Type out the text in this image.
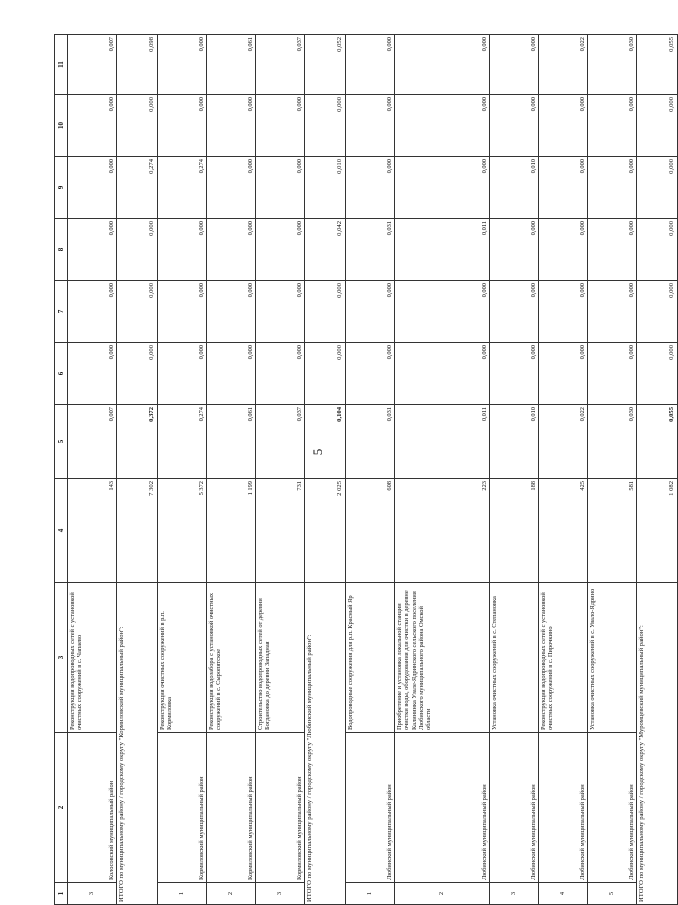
5
1	2	3	4	5	6	7	8	9	10	11
3	Колосовский муниципальный район	Реконструкция водопроводных сетей с установкой очистных сооружений в с. Чапаево	143	0,007	0,000	0,000	0,000	0,000	0,000	0,007
ИТОГО по муниципальному району / городскому округу "Кормиловский муниципальный район":			7 302	0,372	0,000	0,000	0,000	0,274	0,000	0,098
1	Кормиловский муниципальный район	Реконструкция очистных сооружений в р.п. Кормиловка	5 372	0,274	0,000	0,000	0,000	0,274	0,000	0,000
2	Кормиловский муниципальный район	Реконструкция водозабора с установкой очистных сооружений в с. Сыропятское	1 199	0,061	0,000	0,000	0,000	0,000	0,000	0,061
3	Кормиловский муниципальный район	Строительство водопроводных сетей от деревни Богдановка до деревни Западная	731	0,037	0,000	0,000	0,000	0,000	0,000	0,037
ИТОГО по муниципальному району / городскому округу "Любинский муниципальный район":			2 025	0,104	0,000	0,000	0,042	0,010	0,000	0,052
1	Любинский муниципальный район	Водопроводные сооружения для р.п. Красный Яр	608	0,031	0,000	0,000	0,031	0,000	0,000	0,000
2	Любинский муниципальный район	Приобретение и установка локальной станции очистки воды, оборудования для очистки в деревне Калининка Узале-Ядринского сельского поселения Любинского муниципального района Омской области	223	0,011	0,000	0,000	0,011	0,000	0,000	0,000
3	Любинский муниципальный район	Установка очистных сооружений в с. Степановка	188	0,010	0,000	0,000	0,000	0,010	0,000	0,000
4	Любинский муниципальный район	Реконструкция водопроводных сетей с установкой очистных сооружений в с. Пирочкино	425	0,022	0,000	0,000	0,000	0,000	0,000	0,022
5	Любинский муниципальный район	Установка очистных сооружений в с. Увало-Ядрино	581	0,030	0,000	0,000	0,000	0,000	0,000	0,030
ИТОГО по муниципальному району / городскому округу "Муромцевский муниципальный район":			1 082	0,055	0,000	0,000	0,000	0,000	0,000	0,055
